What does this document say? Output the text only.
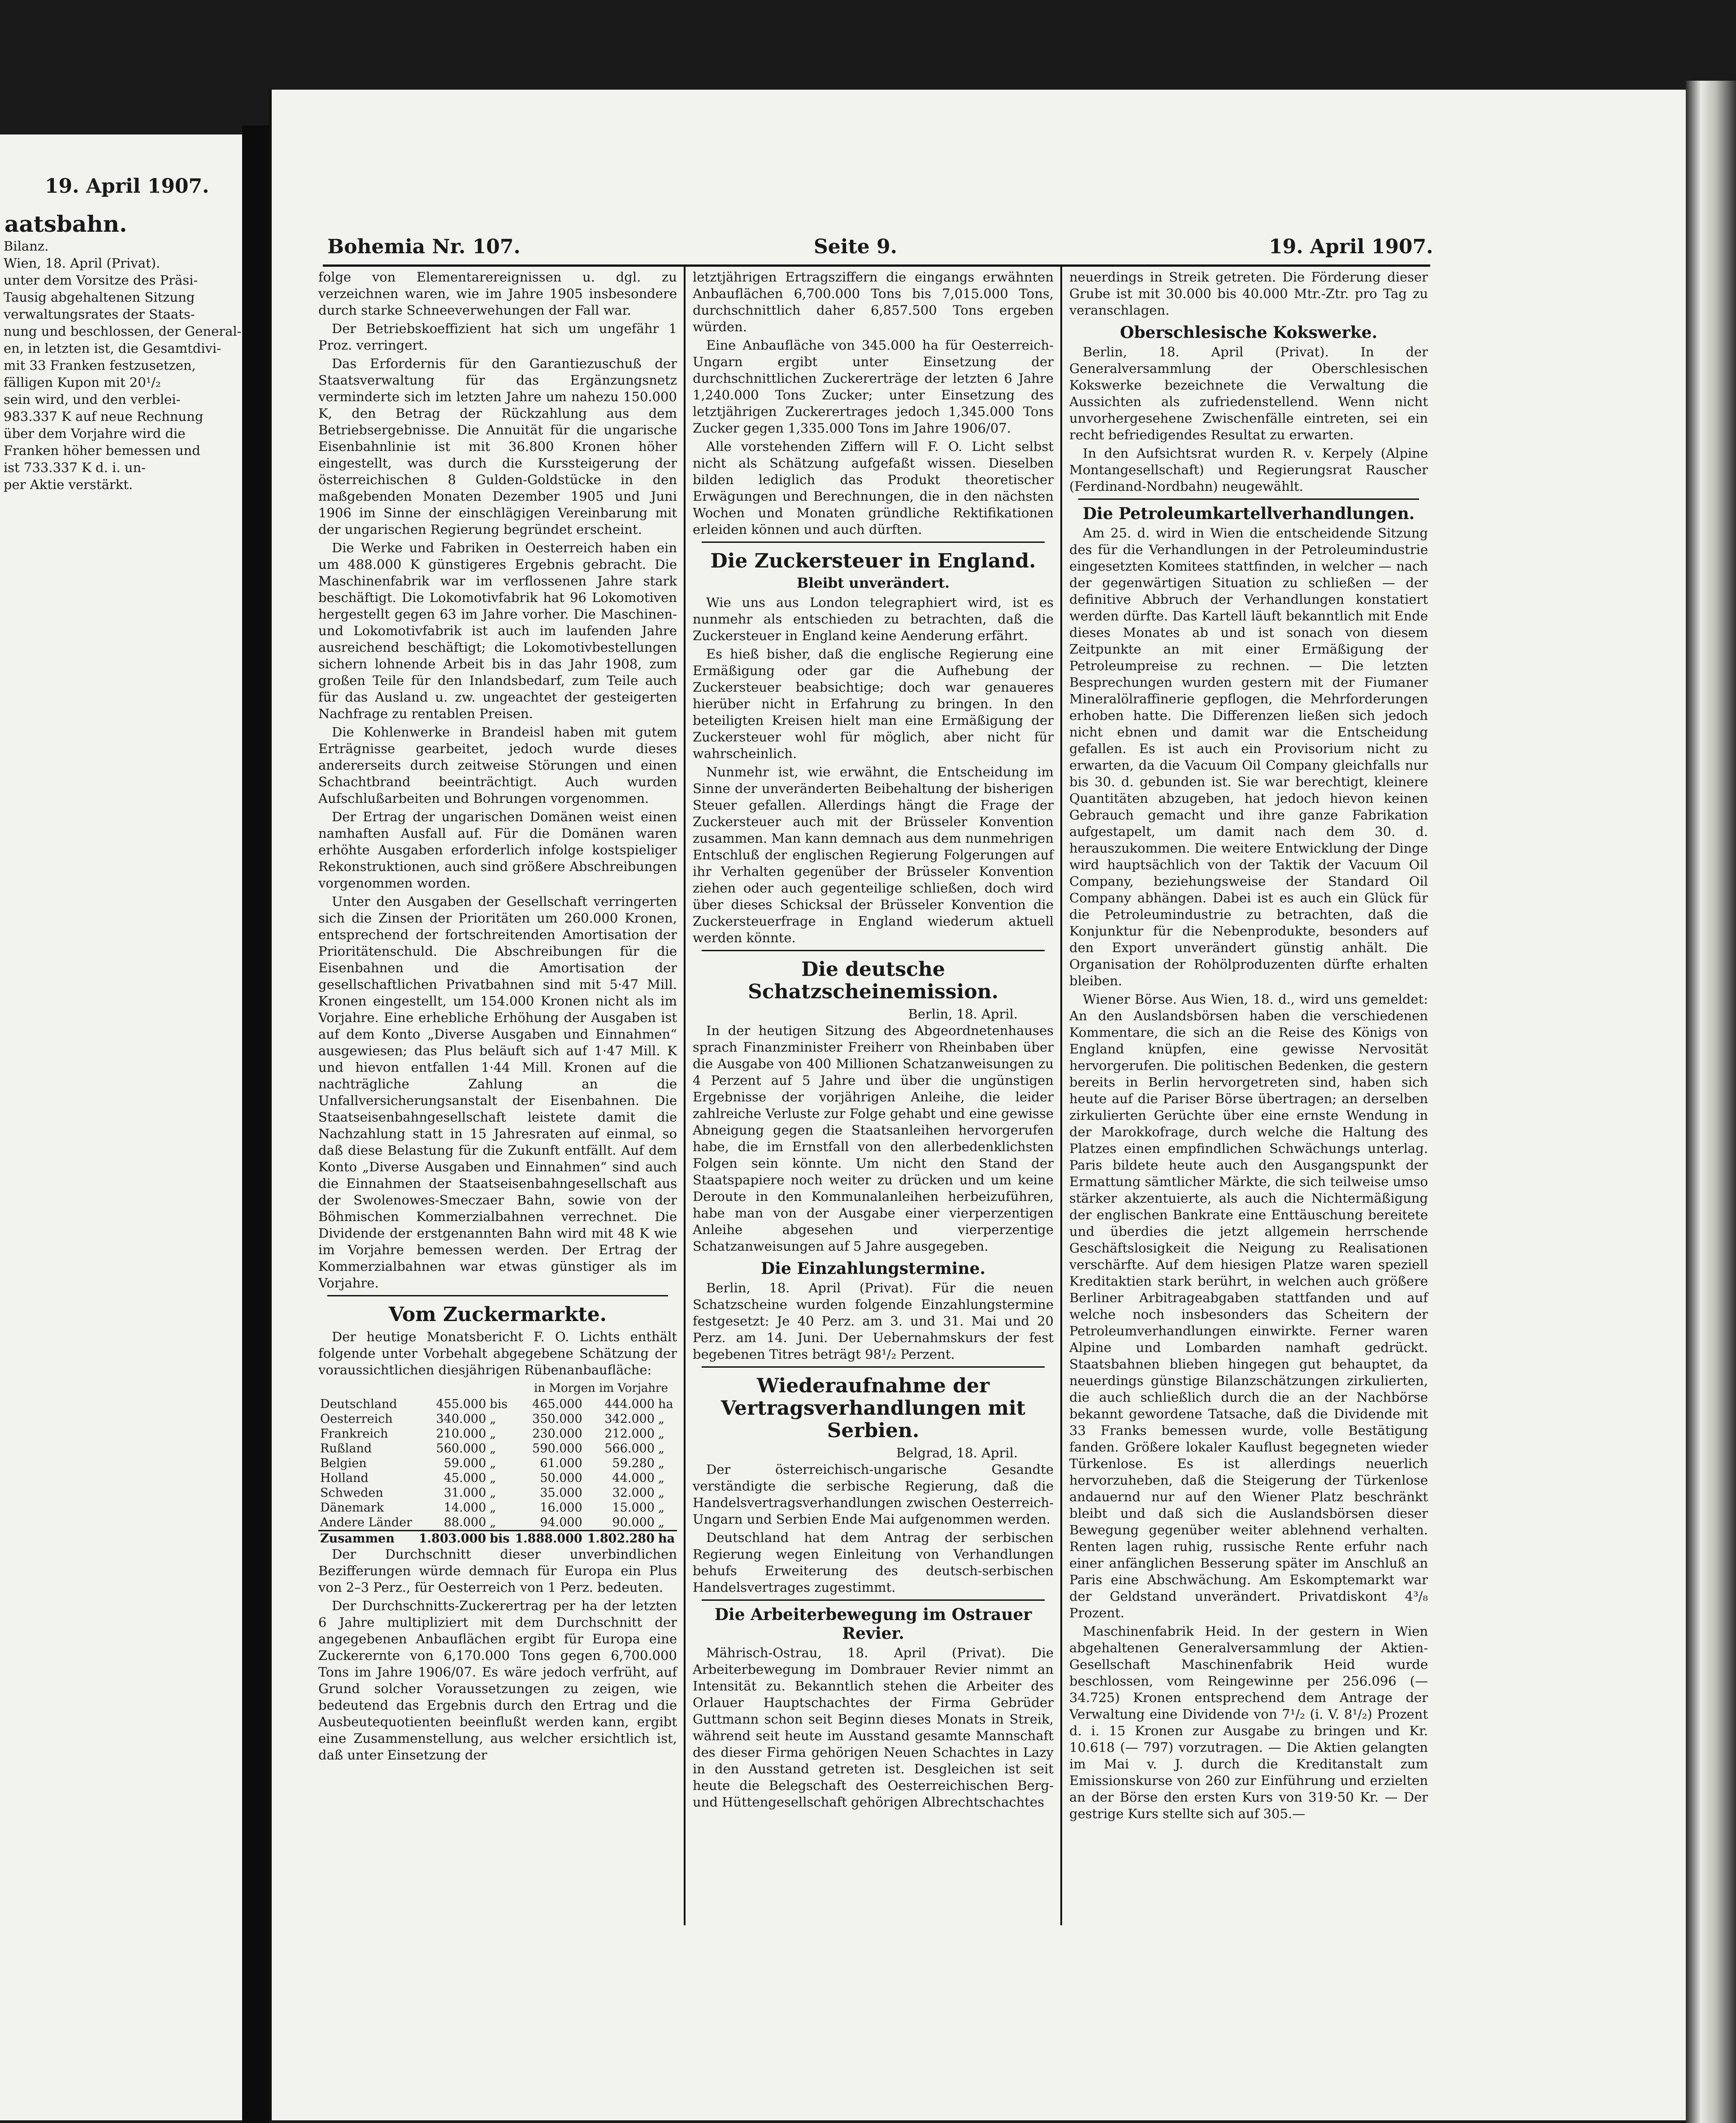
19. April 1907.
aatsbahn.

Bilanz.

Wien, 18. April (Privat).

unter dem Vorsitze des Präsi-

Tausig abgehaltenen Sitzung

verwaltungsrates der Staats-

nung und beschlossen, der General-

en, in letzten ist, die Gesamtdivi-

mit 33 Franken festzusetzen,

fälligen Kupon mit 20¹/₂

sein wird, und den verblei-

983.337 K auf neue Rechnung

über dem Vorjahre wird die

Franken höher bemessen und

ist 733.337 K d. i. un-

per Aktie verstärkt.

Bohemia Nr. 107.	Seite 9.	19. April 1907.

folge von Elementarereignissen u. dgl. zu verzeichnen waren, wie im Jahre 1905 insbesondere durch starke Schneeverwehungen der Fall war.

Der Betriebskoeffizient hat sich um ungefähr 1 Proz. verringert.

Das Erfordernis für den Garantiezuschuß der Staatsverwaltung für das Ergänzungsnetz verminderte sich im letzten Jahre um nahezu 150.000 K, den Betrag der Rückzahlung aus dem Betriebsergebnisse. Die Annuität für die ungarische Eisenbahnlinie ist mit 36.800 Kronen höher eingestellt, was durch die Kurssteigerung der österreichischen 8 Gulden-Goldstücke in den maßgebenden Monaten Dezember 1905 und Juni 1906 im Sinne der einschlägigen Vereinbarung mit der ungarischen Regierung begründet erscheint.

Die Werke und Fabriken in Oesterreich haben ein um 488.000 K günstigeres Ergebnis gebracht. Die Maschinenfabrik war im verflossenen Jahre stark beschäftigt. Die Lokomotivfabrik hat 96 Lokomotiven hergestellt gegen 63 im Jahre vorher. Die Maschinen- und Lokomotivfabrik ist auch im laufenden Jahre ausreichend beschäftigt; die Lokomotivbestellungen sichern lohnende Arbeit bis in das Jahr 1908, zum großen Teile für den Inlandsbedarf, zum Teile auch für das Ausland u. zw. ungeachtet der gesteigerten Nachfrage zu rentablen Preisen.

Die Kohlenwerke in Brandeisl haben mit gutem Erträgnisse gearbeitet, jedoch wurde dieses andererseits durch zeitweise Störungen und einen Schachtbrand beeinträchtigt. Auch wurden Aufschlußarbeiten und Bohrungen vorgenommen.

Der Ertrag der ungarischen Domänen weist einen namhaften Ausfall auf. Für die Domänen waren erhöhte Ausgaben erforderlich infolge kostspieliger Rekonstruktionen, auch sind größere Abschreibungen vorgenommen worden.

Unter den Ausgaben der Gesellschaft verringerten sich die Zinsen der Prioritäten um 260.000 Kronen, entsprechend der fortschreitenden Amortisation der Prioritätenschuld. Die Abschreibungen für die Eisenbahnen und die Amortisation der gesellschaftlichen Privatbahnen sind mit 5·47 Mill. Kronen eingestellt, um 154.000 Kronen nicht als im Vorjahre. Eine erhebliche Erhöhung der Ausgaben ist auf dem Konto „Diverse Ausgaben und Einnahmen“ ausgewiesen; das Plus beläuft sich auf 1·47 Mill. K und hievon entfallen 1·44 Mill. Kronen auf die nachträgliche Zahlung an die Unfallversicherungsanstalt der Eisenbahnen. Die Staatseisenbahngesellschaft leistete damit die Nachzahlung statt in 15 Jahresraten auf einmal, so daß diese Belastung für die Zukunft entfällt. Auf dem Konto „Diverse Ausgaben und Einnahmen“ sind auch die Einnahmen der Staatseisenbahngesellschaft aus der Swolenowes-Smeczaer Bahn, sowie von der Böhmischen Kommerzialbahnen verrechnet. Die Dividende der erstgenannten Bahn wird mit 48 K wie im Vorjahre bemessen werden. Der Ertrag der Kommerzialbahnen war etwas günstiger als im Vorjahre.

Vom Zuckermarkte.

Der heutige Monatsbericht F. O. Lichts enthält folgende unter Vorbehalt abgegebene Schätzung der voraussichtlichen diesjährigen Rübenanbaufläche:

in Morgen im Vorjahre
Deutschland	455.000	bis	465.000	444.000	ha
Oesterreich	340.000	„	350.000	342.000	„
Frankreich	210.000	„	230.000	212.000	„
Rußland	560.000	„	590.000	566.000	„
Belgien	59.000	„	61.000	59.280	„
Holland	45.000	„	50.000	44.000	„
Schweden	31.000	„	35.000	32.000	„
Dänemark	14.000	„	16.000	15.000	„
Andere Länder	88.000	„	94.000	90.000	„
Zusammen	1.803.000	bis	1.888.000	1.802.280	ha

Der Durchschnitt dieser unverbindlichen Bezifferungen würde demnach für Europa ein Plus von 2–3 Perz., für Oesterreich von 1 Perz. bedeuten.

Der Durchschnitts-Zuckerertrag per ha der letzten 6 Jahre multipliziert mit dem Durchschnitt der angegebenen Anbauflächen ergibt für Europa eine Zuckerernte von 6,170.000 Tons gegen 6,700.000 Tons im Jahre 1906/07. Es wäre jedoch verfrüht, auf Grund solcher Voraussetzungen zu zeigen, wie bedeutend das Ergebnis durch den Ertrag und die Ausbeutequotienten beeinflußt werden kann, ergibt eine Zusammenstellung, aus welcher ersichtlich ist, daß unter Einsetzung der

letztjährigen Ertragsziffern die eingangs erwähnten Anbauflächen 6,700.000 Tons bis 7,015.000 Tons, durchschnittlich daher 6,857.500 Tons ergeben würden.

Eine Anbaufläche von 345.000 ha für Oesterreich-Ungarn ergibt unter Einsetzung der durchschnittlichen Zuckererträge der letzten 6 Jahre 1,240.000 Tons Zucker; unter Einsetzung des letztjährigen Zuckerertrages jedoch 1,345.000 Tons Zucker gegen 1,335.000 Tons im Jahre 1906/07.

Alle vorstehenden Ziffern will F. O. Licht selbst nicht als Schätzung aufgefaßt wissen. Dieselben bilden lediglich das Produkt theoretischer Erwägungen und Berechnungen, die in den nächsten Wochen und Monaten gründliche Rektifikationen erleiden können und auch dürften.

Die Zuckersteuer in England.
Bleibt unverändert.

Wie uns aus London telegraphiert wird, ist es nunmehr als entschieden zu betrachten, daß die Zuckersteuer in England keine Aenderung erfährt.

Es hieß bisher, daß die englische Regierung eine Ermäßigung oder gar die Aufhebung der Zuckersteuer beabsichtige; doch war genaueres hierüber nicht in Erfahrung zu bringen. In den beteiligten Kreisen hielt man eine Ermäßigung der Zuckersteuer wohl für möglich, aber nicht für wahrscheinlich.

Nunmehr ist, wie erwähnt, die Entscheidung im Sinne der unveränderten Beibehaltung der bisherigen Steuer gefallen. Allerdings hängt die Frage der Zuckersteuer auch mit der Brüsseler Konvention zusammen. Man kann demnach aus dem nunmehrigen Entschluß der englischen Regierung Folgerungen auf ihr Verhalten gegenüber der Brüsseler Konvention ziehen oder auch gegenteilige schließen, doch wird über dieses Schicksal der Brüsseler Konvention die Zuckersteuerfrage in England wiederum aktuell werden könnte.

Die deutsche Schatzscheinemission.
Berlin, 18. April.

In der heutigen Sitzung des Abgeordnetenhauses sprach Finanzminister Freiherr von Rheinbaben über die Ausgabe von 400 Millionen Schatzanweisungen zu 4 Perzent auf 5 Jahre und über die ungünstigen Ergebnisse der vorjährigen Anleihe, die leider zahlreiche Verluste zur Folge gehabt und eine gewisse Abneigung gegen die Staatsanleihen hervorgerufen habe, die im Ernstfall von den allerbedenklichsten Folgen sein könnte. Um nicht den Stand der Staatspapiere noch weiter zu drücken und um keine Deroute in den Kommunalanleihen herbeizuführen, habe man von der Ausgabe einer vierperzentigen Anleihe abgesehen und vierperzentige Schatzanweisungen auf 5 Jahre ausgegeben.

Die Einzahlungstermine.

Berlin, 18. April (Privat). Für die neuen Schatzscheine wurden folgende Einzahlungstermine festgesetzt: Je 40 Perz. am 3. und 31. Mai und 20 Perz. am 14. Juni. Der Uebernahmskurs der fest begebenen Titres beträgt 98¹/₂ Perzent.

Wiederaufnahme der Vertragsverhandlungen mit Serbien.
Belgrad, 18. April.

Der österreichisch-ungarische Gesandte verständigte die serbische Regierung, daß die Handelsvertragsverhandlungen zwischen Oesterreich-Ungarn und Serbien Ende Mai aufgenommen werden.

Deutschland hat dem Antrag der serbischen Regierung wegen Einleitung von Verhandlungen behufs Erweiterung des deutsch-serbischen Handelsvertrages zugestimmt.

Die Arbeiterbewegung im Ostrauer Revier.

Mährisch-Ostrau, 18. April (Privat). Die Arbeiterbewegung im Dombrauer Revier nimmt an Intensität zu. Bekanntlich stehen die Arbeiter des Orlauer Hauptschachtes der Firma Gebrüder Guttmann schon seit Beginn dieses Monats in Streik, während seit heute im Ausstand gesamte Mannschaft des dieser Firma gehörigen Neuen Schachtes in Lazy in den Ausstand getreten ist. Desgleichen ist seit heute die Belegschaft des Oesterreichischen Berg- und Hüttengesellschaft gehörigen Albrechtschachtes

neuerdings in Streik getreten. Die Förderung dieser Grube ist mit 30.000 bis 40.000 Mtr.-Ztr. pro Tag zu veranschlagen.

Oberschlesische Kokswerke.

Berlin, 18. April (Privat). In der Generalversammlung der Oberschlesischen Kokswerke bezeichnete die Verwaltung die Aussichten als zufriedenstellend. Wenn nicht unvorhergesehene Zwischenfälle eintreten, sei ein recht befriedigendes Resultat zu erwarten.

In den Aufsichtsrat wurden R. v. Kerpely (Alpine Montangesellschaft) und Regierungsrat Rauscher (Ferdinand-Nordbahn) neugewählt.

Die Petroleumkartellverhandlungen.

Am 25. d. wird in Wien die entscheidende Sitzung des für die Verhandlungen in der Petroleumindustrie eingesetzten Komitees stattfinden, in welcher — nach der gegenwärtigen Situation zu schließen — der definitive Abbruch der Verhandlungen konstatiert werden dürfte. Das Kartell läuft bekanntlich mit Ende dieses Monates ab und ist sonach von diesem Zeitpunkte an mit einer Ermäßigung der Petroleumpreise zu rechnen. — Die letzten Besprechungen wurden gestern mit der Fiumaner Mineralölraffinerie gepflogen, die Mehrforderungen erhoben hatte. Die Differenzen ließen sich jedoch nicht ebnen und damit war die Entscheidung gefallen. Es ist auch ein Provisorium nicht zu erwarten, da die Vacuum Oil Company gleichfalls nur bis 30. d. gebunden ist. Sie war berechtigt, kleinere Quantitäten abzugeben, hat jedoch hievon keinen Gebrauch gemacht und ihre ganze Fabrikation aufgestapelt, um damit nach dem 30. d. herauszukommen. Die weitere Entwicklung der Dinge wird hauptsächlich von der Taktik der Vacuum Oil Company, beziehungsweise der Standard Oil Company abhängen. Dabei ist es auch ein Glück für die Petroleumindustrie zu betrachten, daß die Konjunktur für die Nebenprodukte, besonders auf den Export unverändert günstig anhält. Die Organisation der Rohölproduzenten dürfte erhalten bleiben.

Wiener Börse. Aus Wien, 18. d., wird uns gemeldet: An den Auslandsbörsen haben die verschiedenen Kommentare, die sich an die Reise des Königs von England knüpfen, eine gewisse Nervosität hervorgerufen. Die politischen Bedenken, die gestern bereits in Berlin hervorgetreten sind, haben sich heute auf die Pariser Börse übertragen; an derselben zirkulierten Gerüchte über eine ernste Wendung in der Marokkofrage, durch welche die Haltung des Platzes einen empfindlichen Schwächungs unterlag. Paris bildete heute auch den Ausgangspunkt der Ermattung sämtlicher Märkte, die sich teilweise umso stärker akzentuierte, als auch die Nichtermäßigung der englischen Bankrate eine Enttäuschung bereitete und überdies die jetzt allgemein herrschende Geschäftslosigkeit die Neigung zu Realisationen verschärfte. Auf dem hiesigen Platze waren speziell Kreditaktien stark berührt, in welchen auch größere Berliner Arbitrageabgaben stattfanden und auf welche noch insbesonders das Scheitern der Petroleumverhandlungen einwirkte. Ferner waren Alpine und Lombarden namhaft gedrückt. Staatsbahnen blieben hingegen gut behauptet, da neuerdings günstige Bilanzschätzungen zirkulierten, die auch schließlich durch die an der Nachbörse bekannt gewordene Tatsache, daß die Dividende mit 33 Franks bemessen wurde, volle Bestätigung fanden. Größere lokaler Kauflust begegneten wieder Türkenlose. Es ist allerdings neuerlich hervorzuheben, daß die Steigerung der Türkenlose andauernd nur auf den Wiener Platz beschränkt bleibt und daß sich die Auslandsbörsen dieser Bewegung gegenüber weiter ablehnend verhalten. Renten lagen ruhig, russische Rente erfuhr nach einer anfänglichen Besserung später im Anschluß an Paris eine Abschwächung. Am Eskomptemarkt war der Geldstand unverändert. Privatdiskont 4³/₈ Prozent.

Maschinenfabrik Heid. In der gestern in Wien abgehaltenen Generalversammlung der Aktien-Gesellschaft Maschinenfabrik Heid wurde beschlossen, vom Reingewinne per 256.096 (— 34.725) Kronen entsprechend dem Antrage der Verwaltung eine Dividende von 7¹/₂ (i. V. 8¹/₂) Prozent d. i. 15 Kronen zur Ausgabe zu bringen und Kr. 10.618 (— 797) vorzutragen. — Die Aktien gelangten im Mai v. J. durch die Kreditanstalt zum Emissionskurse von 260 zur Einführung und erzielten an der Börse den ersten Kurs von 319·50 Kr. — Der gestrige Kurs stellte sich auf 305.—
